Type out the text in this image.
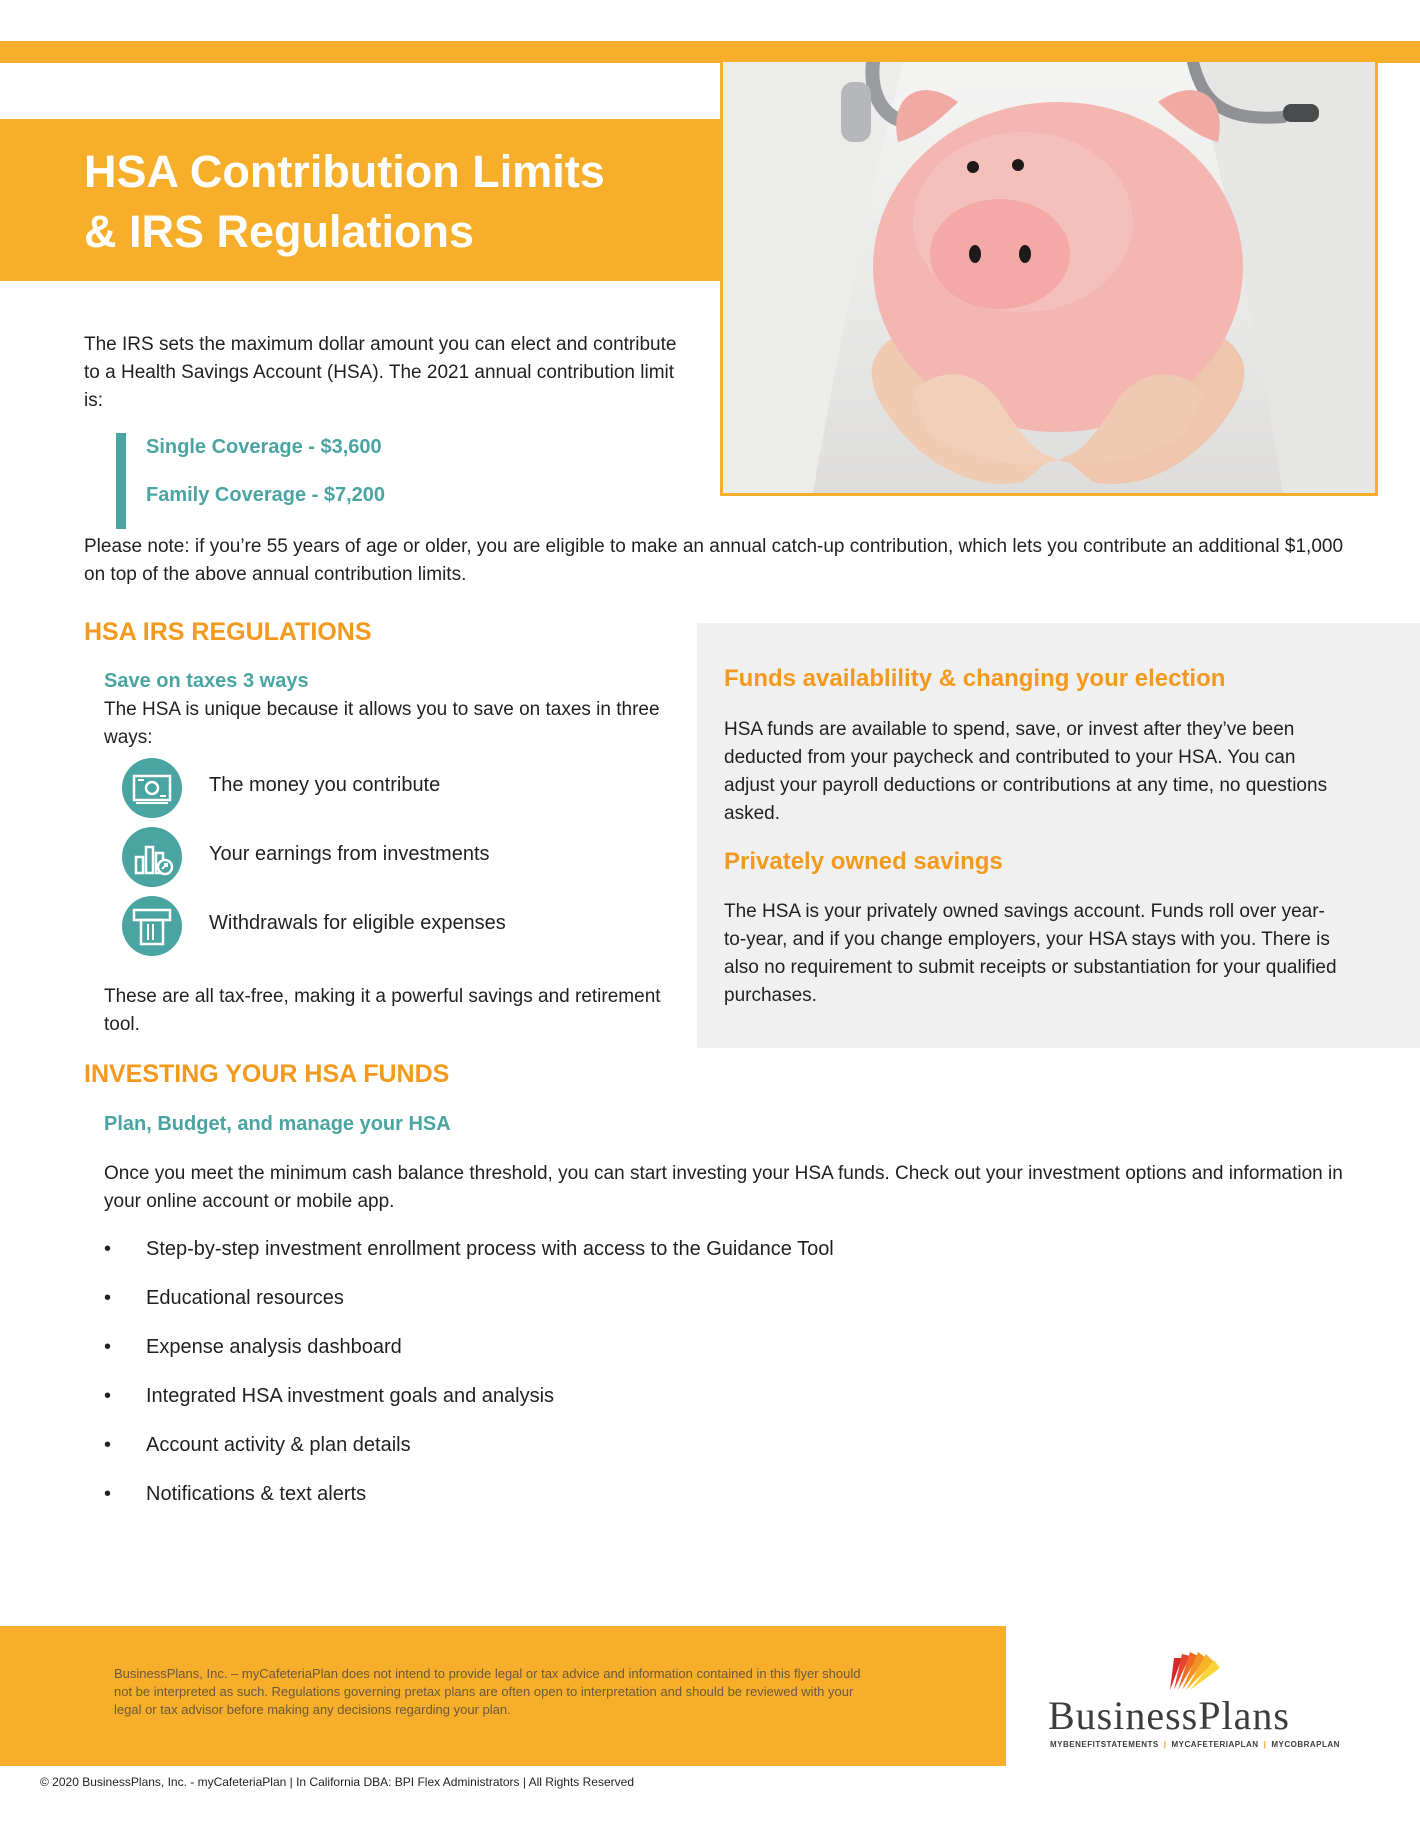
HSA Contribution Limits
& IRS Regulations

The IRS sets the maximum dollar amount you can elect and contribute to a Health Savings Account (HSA). The 2021 annual contribution limit is:

Single Coverage - $3,600

Family Coverage - $7,200

Please note: if you’re 55 years of age or older, you are eligible to make an annual catch-up contribution, which lets you contribute an additional $1,000 on top of the above annual contribution limits.

HSA IRS REGULATIONS
Save on taxes 3 ways

The HSA is unique because it allows you to save on taxes in three ways:

The money you contribute

Your earnings from investments

Withdrawals for eligible expenses

These are all tax-free, making it a powerful savings and retirement tool.

Funds availablility & changing your election

HSA funds are available to spend, save, or invest after they’ve been deducted from your paycheck and contributed to your HSA. You can adjust your payroll deductions or contributions at any time, no questions asked.

Privately owned savings

The HSA is your privately owned savings account. Funds roll over year-to-year, and if you change employers, your HSA stays with you. There is also no requirement to submit receipts or substantiation for your qualified purchases.

INVESTING YOUR HSA FUNDS
Plan, Budget, and manage your HSA

Once you meet the minimum cash balance threshold, you can start investing your HSA funds. Check out your investment options and information in your online account or mobile app.

• Step-by-step investment enrollment process with access to the Guidance Tool
• Educational resources
• Expense analysis dashboard
• Integrated HSA investment goals and analysis
• Account activity & plan details
• Notifications & text alerts

BusinessPlans, Inc. – myCafeteriaPlan does not intend to provide legal or tax advice and information contained in this flyer should not be interpreted as such. Regulations governing pretax plans are often open to interpretation and should be reviewed with your legal or tax advisor before making any decisions regarding your plan.	BusinessPlans

MYBENEFITSTATEMENTS | MYCAFETERIAPLAN | MYCOBRAPLAN

© 2020 BusinessPlans, Inc. - myCafeteriaPlan | In California DBA: BPI Flex Administrators | All Rights Reserved
